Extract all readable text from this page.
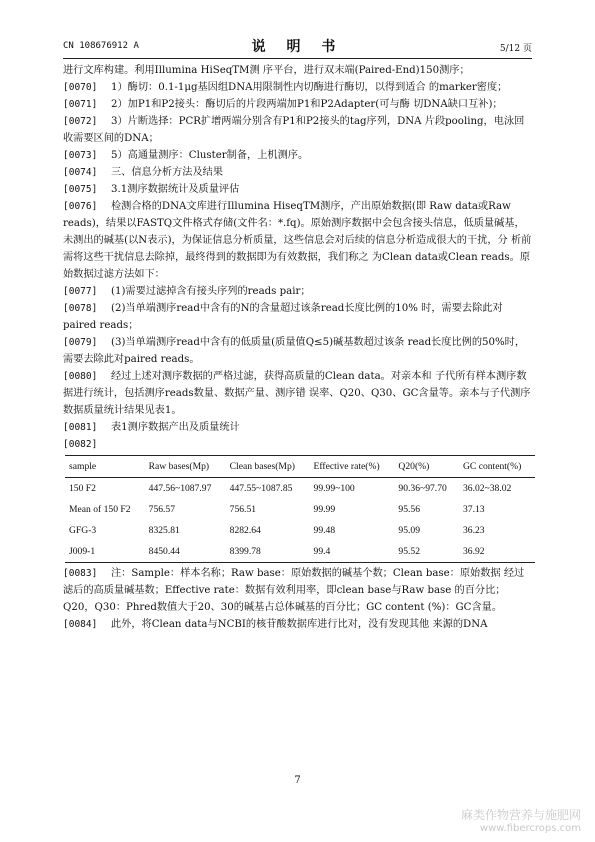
CN 108676912 A	说 明 书	5/12 页
进行文库构建。利用Illumina HiSeqTM测 序平台，进行双末端(Paired-End)150测序；
[0070]	1）酶切：0.1-1μg基因组DNA用限制性内切酶进行酶切，以得到适合 的marker密度；
[0071]	2）加P1和P2接头：酶切后的片段两端加P1和P2Adapter(可与酶 切DNA缺口互补)；
[0072]	3）片断选择：PCR扩增两端分别含有P1和P2接头的tag序列，DNA 片段pooling，电泳回收需要区间的DNA；
[0073]	5）高通量测序：Cluster制备，上机测序。
[0074]	三、信息分析方法及结果
[0075]	3.1测序数据统计及质量评估
[0076]	检测合格的DNA文库进行Illumina HiseqTM测序，产出原始数据(即 Raw data或Raw reads)，结果以FASTQ文件格式存储(文件名：*.fq)。原始测序数据中会包含接头信息，低质量碱基，未测出的碱基(以N表示)，为保证信息分析质量，这些信息会对后续的信息分析造成很大的干扰，分 析前需将这些干扰信息去除掉，最终得到的数据即为有效数据，我们称之 为Clean data或Clean reads。原始数据过滤方法如下：
[0077]	(1)需要过滤掉含有接头序列的reads pair；
[0078]	(2)当单端测序read中含有的N的含量超过该条read长度比例的10% 时，需要去除此对paired reads；
[0079]	(3)当单端测序read中含有的低质量(质量值Q≤5)碱基数超过该条 read长度比例的50%时，需要去除此对paired reads。
[0080]	经过上述对测序数据的严格过滤，获得高质量的Clean data。对亲本和 子代所有样本测序数据进行统计，包括测序reads数量、数据产量、测序错 误率、Q20、Q30、GC含量等。亲本与子代测序数据质量统计结果见表1。
[0081]	表1测序数据产出及质量统计
[0082]

sample	Raw bases(Mp)	Clean bases(Mp)	Effective rate(%)	Q20(%)	GC content(%)
150 F2	447.56~1087.97	447.55~1087.85	99.99~100	90.36~97.70	36.02~38.02
Mean of 150 F2	756.57	756.51	99.99	95.56	37.13
GFG-3	8325.81	8282.64	99.48	95.09	36.23
J009-1	8450.44	8399.78	99.4	95.52	36.92
[0083]	注：Sample：样本名称；Raw base：原始数据的碱基个数；Clean base：原始数据 经过滤后的高质量碱基数；Effective rate：数据有效利用率，即clean base与Raw base 的百分比；Q20，Q30：Phred数值大于20、30的碱基占总体碱基的百分比；GC content (%)：GC含量。
[0084]	此外，将Clean data与NCBI的核苷酸数据库进行比对，没有发现其他 来源的DNA
7
麻类作物营养与施肥网
www.fibercrops.com
